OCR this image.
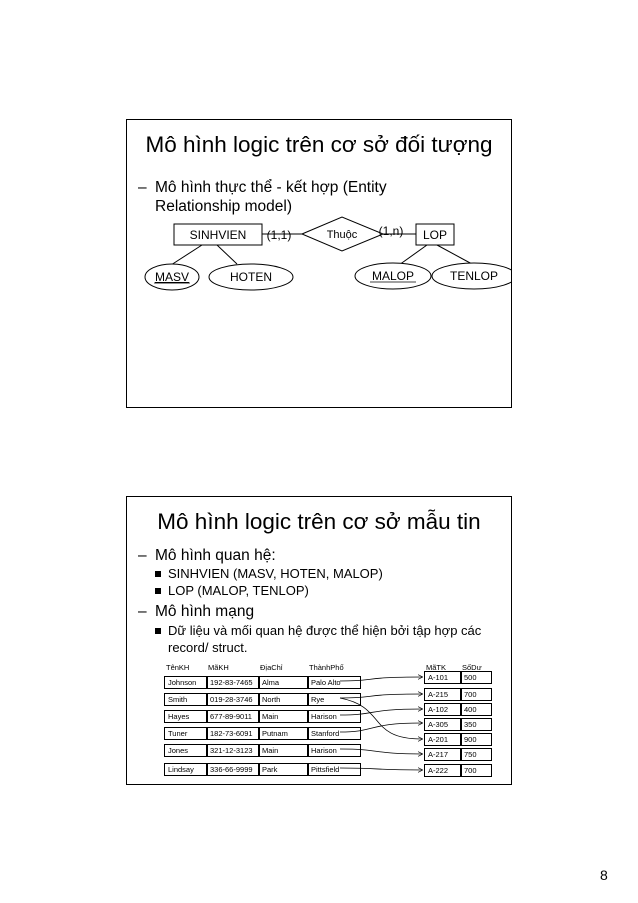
Mô hình logic trên cơ sở đối tượng
– Mô hình thực thể - kết hợp (Entity
Relationship model)
SINHVIEN	LOP
Thuộc
(1,1)	(1,n)
MASV	HOTEN	MALOP	TENLOP
Mô hình logic trên cơ sở mẫu tin
– Mô hình quan hệ:
SINHVIEN (MASV, HOTEN, MALOP)
LOP (MALOP, TENLOP)
– Mô hình mạng
Dữ liệu và mối quan hệ được thể hiện bởi tập hợp các
record/ struct.
TênKH MãKH	ĐịaChỉ	ThànhPhố
Johnson 192-83-7465 Alma	Palo Alto
Smith	019-28-3746 North	Rye
Hayes	677-89-9011 Main	Harison
Tuner	182-73-6091 Putnam	Stanford
Jones	321-12-3123 Main	Harison
Lindsay 336-66-9999 Park	Pittsfield
MãTK SốDư
A-101 500
A-215 700
A-102 400
A-305 350
A-201 900
A-217 750
A-222 700
8
